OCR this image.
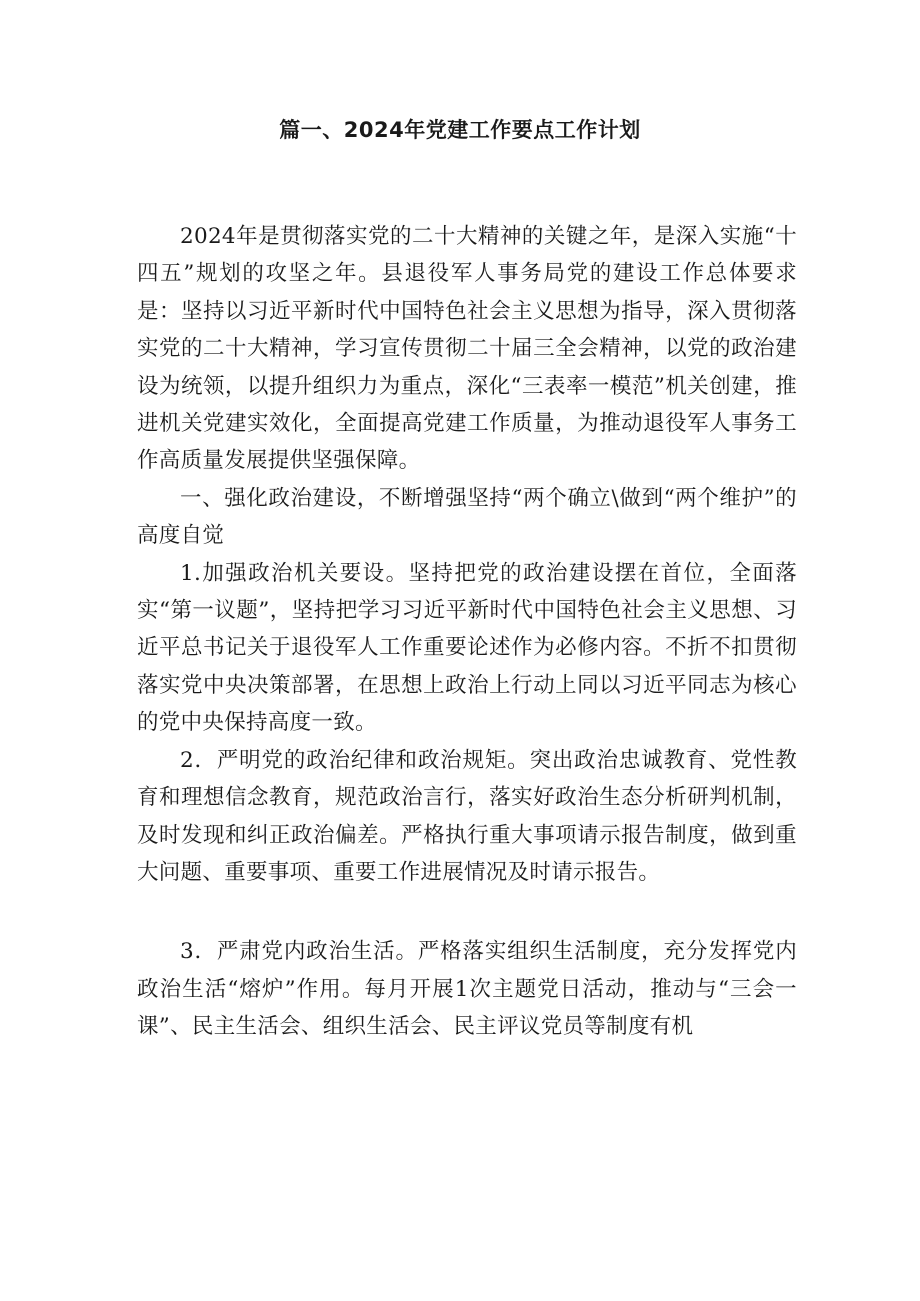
篇一、2024年党建工作要点工作计划

2024年是贯彻落实党的二十大精神的关键之年，是深入实施“十四五”规划的攻坚之年。县退役军人事务局党的建设工作总体要求是：坚持以习近平新时代中国特色社会主义思想为指导，深入贯彻落实党的二十大精神，学习宣传贯彻二十届三全会精神，以党的政治建设为统领，以提升组织力为重点，深化“三表率一模范”机关创建，推进机关党建实效化，全面提高党建工作质量，为推动退役军人事务工作高质量发展提供坚强保障。

一、强化政治建设，不断增强坚持“两个确立\做到“两个维护”的高度自觉

1.加强政治机关要设。坚持把党的政治建设摆在首位，全面落实“第一议题”，坚持把学习习近平新时代中国特色社会主义思想、习近平总书记关于退役军人工作重要论述作为必修内容。不折不扣贯彻落实党中央决策部署，在思想上政治上行动上同以习近平同志为核心的党中央保持高度一致。

2．严明党的政治纪律和政治规矩。突出政治忠诚教育、党性教育和理想信念教育，规范政治言行，落实好政治生态分析研判机制，及时发现和纠正政治偏差。严格执行重大事项请示报告制度，做到重大问题、重要事项、重要工作进展情况及时请示报告。

3．严肃党内政治生活。严格落实组织生活制度，充分发挥党内政治生活“熔炉”作用。每月开展1次主题党日活动，推动与“三会一课”、民主生活会、组织生活会、民主评议党员等制度有机
